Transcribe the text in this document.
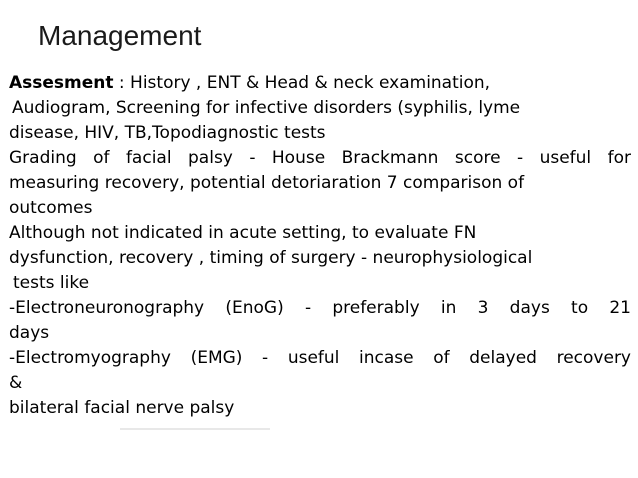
Management
Assesment : History , ENT & Head & neck examination,
Audiogram, Screening for infective disorders (syphilis, lyme
disease, HIV, TB,Topodiagnostic tests
Grading of facial palsy - House Brackmann score - useful for
measuring recovery, potential detoriaration 7 comparison of
outcomes
Although not indicated in acute setting, to evaluate FN
dysfunction, recovery , timing of surgery - neurophysiological
tests like
-Electroneuronography (EnoG) - preferably in 3 days to 21
days
-Electromyography (EMG) - useful incase of delayed recovery
&
bilateral facial nerve palsy
